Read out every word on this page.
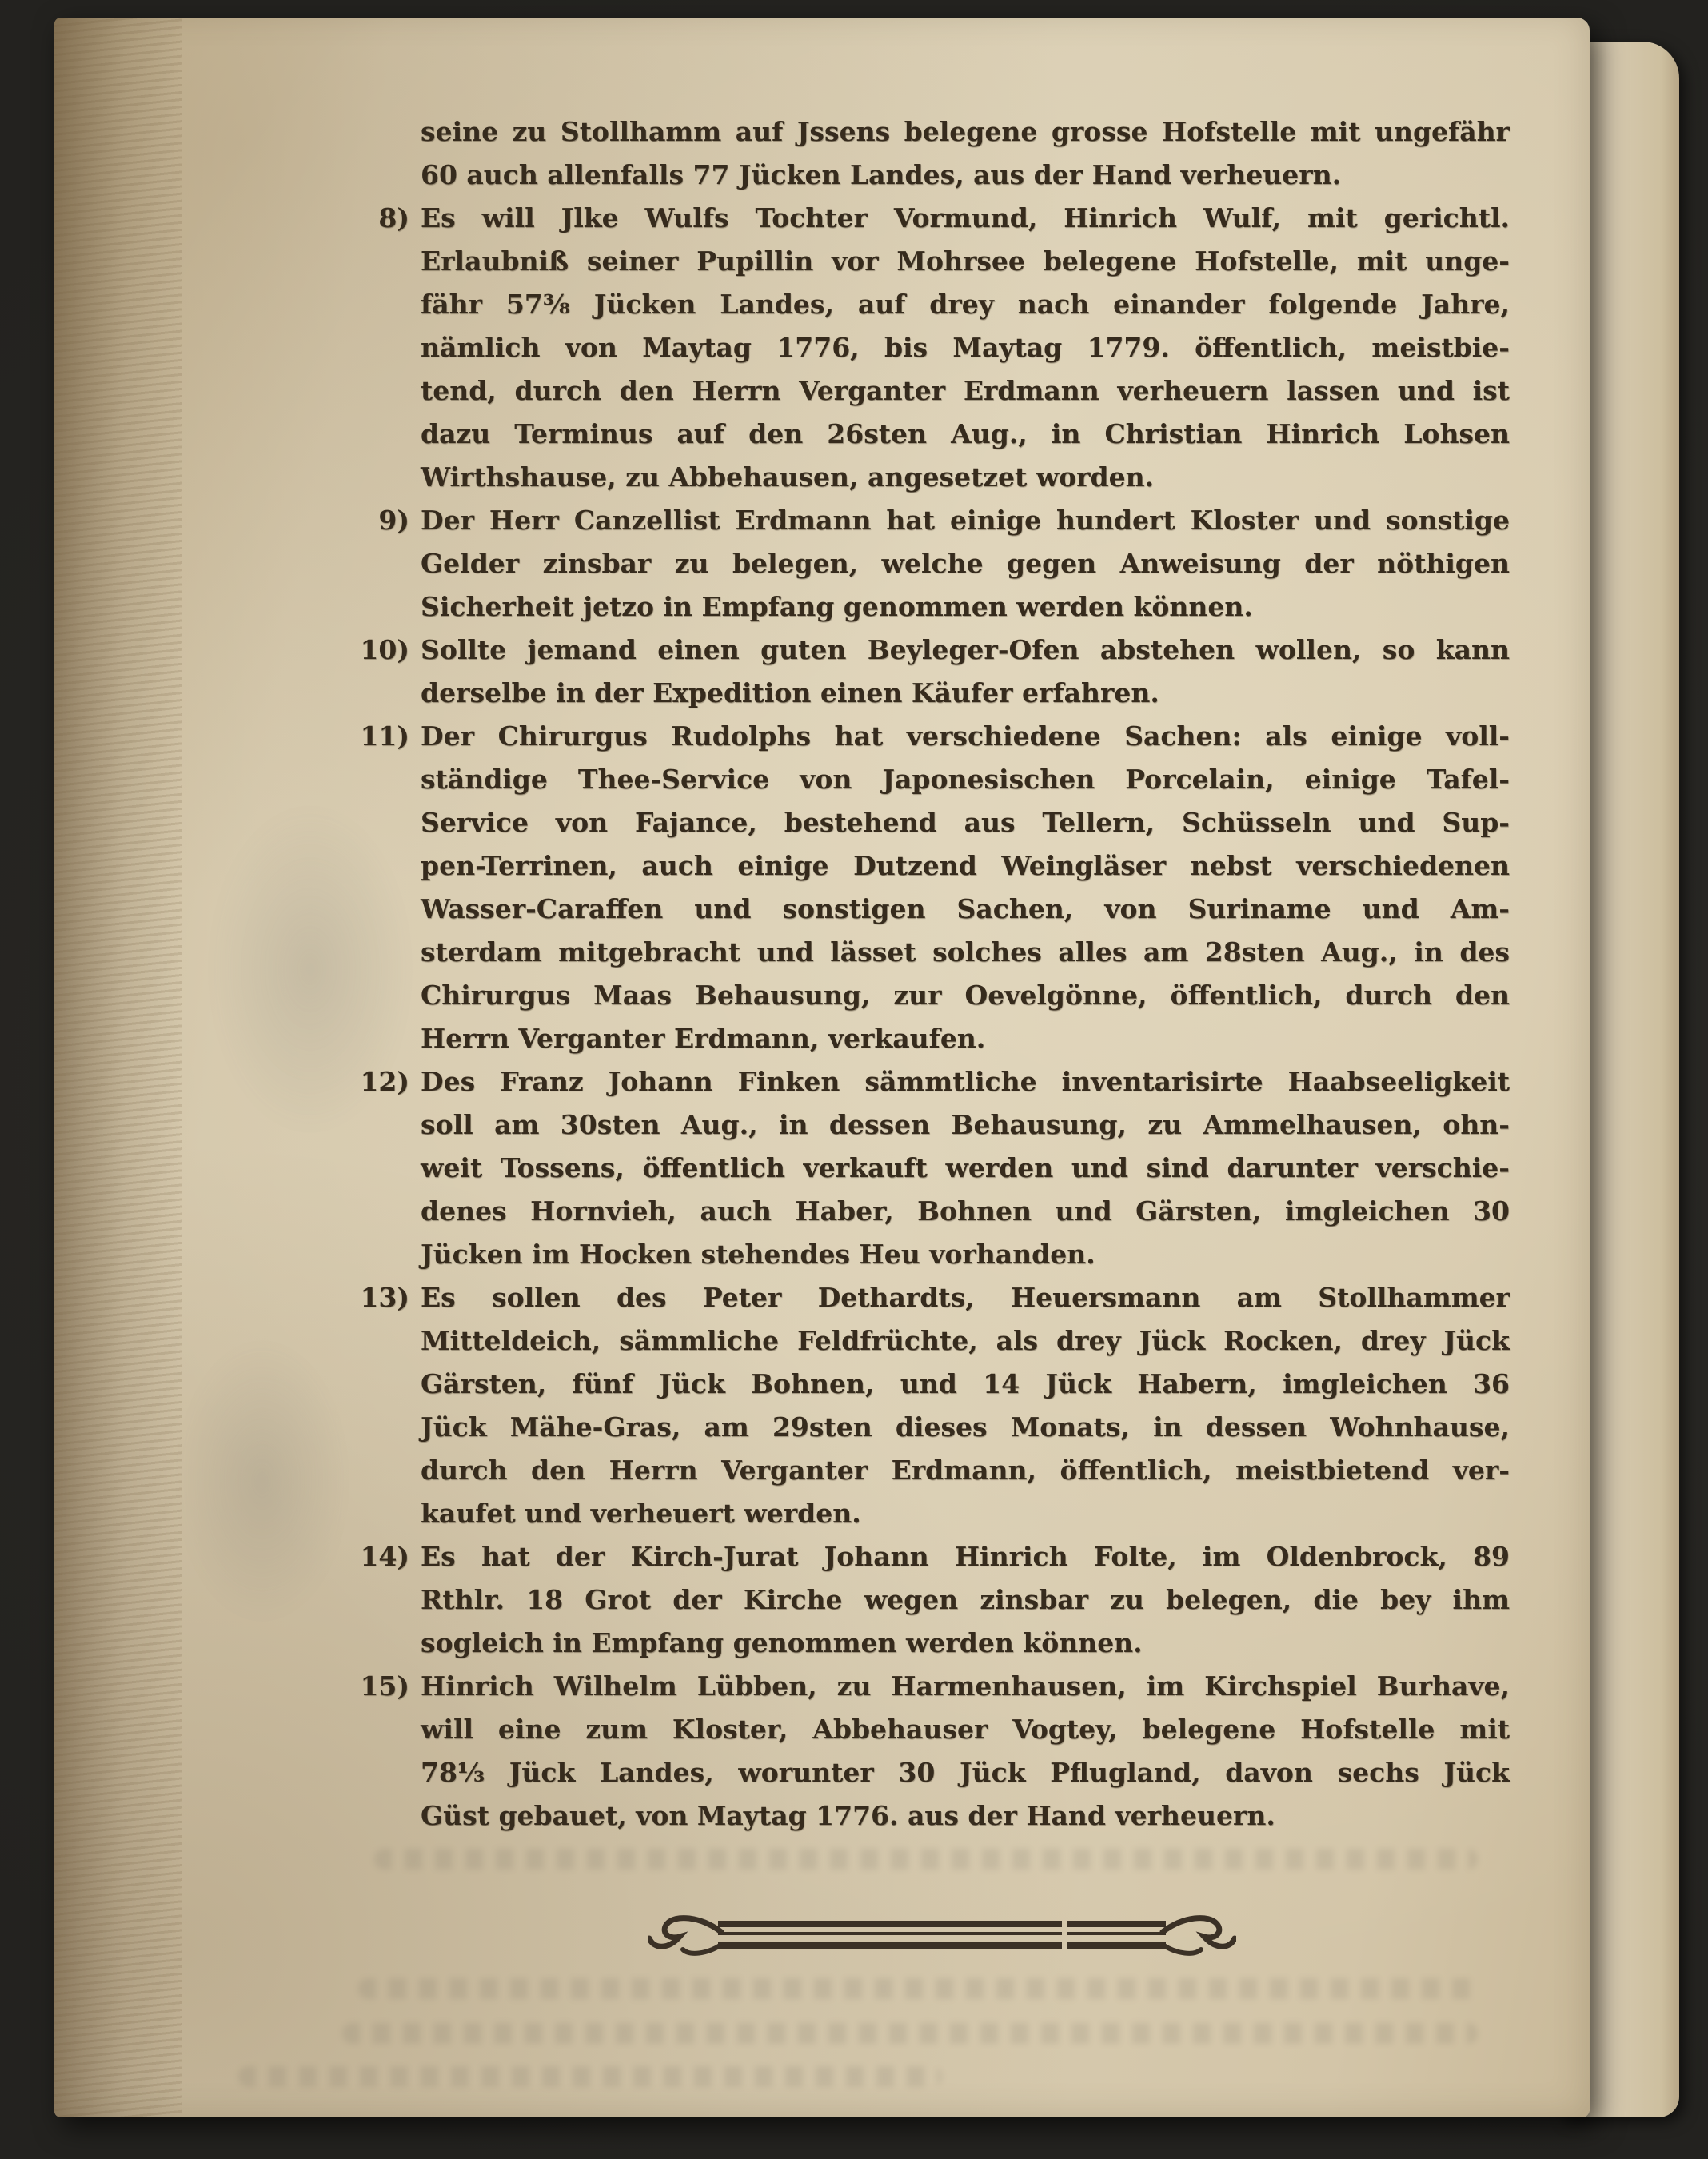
seine zu Stollhamm auf Jssens belegene grosse Hofstelle mit ungefähr
60 auch allenfalls 77 Jücken Landes, aus der Hand verheuern.
8) Es will Jlke Wulfs Tochter Vormund, Hinrich Wulf, mit gerichtl.
Erlaubniß seiner Pupillin vor Mohrsee belegene Hofstelle, mit unge-
fähr 57⅜ Jücken Landes, auf drey nach einander folgende Jahre,
nämlich von Maytag 1776, bis Maytag 1779. öffentlich, meistbie-
tend, durch den Herrn Verganter Erdmann verheuern lassen und ist
dazu Terminus auf den 26sten Aug., in Christian Hinrich Lohsen
Wirthshause, zu Abbehausen, angesetzet worden.
9) Der Herr Canzellist Erdmann hat einige hundert Kloster und sonstige
Gelder zinsbar zu belegen, welche gegen Anweisung der nöthigen
Sicherheit jetzo in Empfang genommen werden können.
10) Sollte jemand einen guten Beyleger-Ofen abstehen wollen, so kann
derselbe in der Expedition einen Käufer erfahren.
11) Der Chirurgus Rudolphs hat verschiedene Sachen: als einige voll-
ständige Thee-Service von Japonesischen Porcelain, einige Tafel-
Service von Fajance, bestehend aus Tellern, Schüsseln und Sup-
pen-Terrinen, auch einige Dutzend Weingläser nebst verschiedenen
Wasser-Caraffen und sonstigen Sachen, von Suriname und Am-
sterdam mitgebracht und lässet solches alles am 28sten Aug., in des
Chirurgus Maas Behausung, zur Oevelgönne, öffentlich, durch den
Herrn Verganter Erdmann, verkaufen.
12) Des Franz Johann Finken sämmtliche inventarisirte Haabseeligkeit
soll am 30sten Aug., in dessen Behausung, zu Ammelhausen, ohn-
weit Tossens, öffentlich verkauft werden und sind darunter verschie-
denes Hornvieh, auch Haber, Bohnen und Gärsten, imgleichen 30
Jücken im Hocken stehendes Heu vorhanden.
13) Es sollen des Peter Dethardts, Heuersmann am Stollhammer
Mitteldeich, sämmliche Feldfrüchte, als drey Jück Rocken, drey Jück
Gärsten, fünf Jück Bohnen, und 14 Jück Habern, imgleichen 36
Jück Mähe-Gras, am 29sten dieses Monats, in dessen Wohnhause,
durch den Herrn Verganter Erdmann, öffentlich, meistbietend ver-
kaufet und verheuert werden.
14) Es hat der Kirch-Jurat Johann Hinrich Folte, im Oldenbrock, 89
Rthlr. 18 Grot der Kirche wegen zinsbar zu belegen, die bey ihm
sogleich in Empfang genommen werden können.
15) Hinrich Wilhelm Lübben, zu Harmenhausen, im Kirchspiel Burhave,
will eine zum Kloster, Abbehauser Vogtey, belegene Hofstelle mit
78⅓ Jück Landes, worunter 30 Jück Pflugland, davon sechs Jück
Güst gebauet, von Maytag 1776. aus der Hand verheuern.
